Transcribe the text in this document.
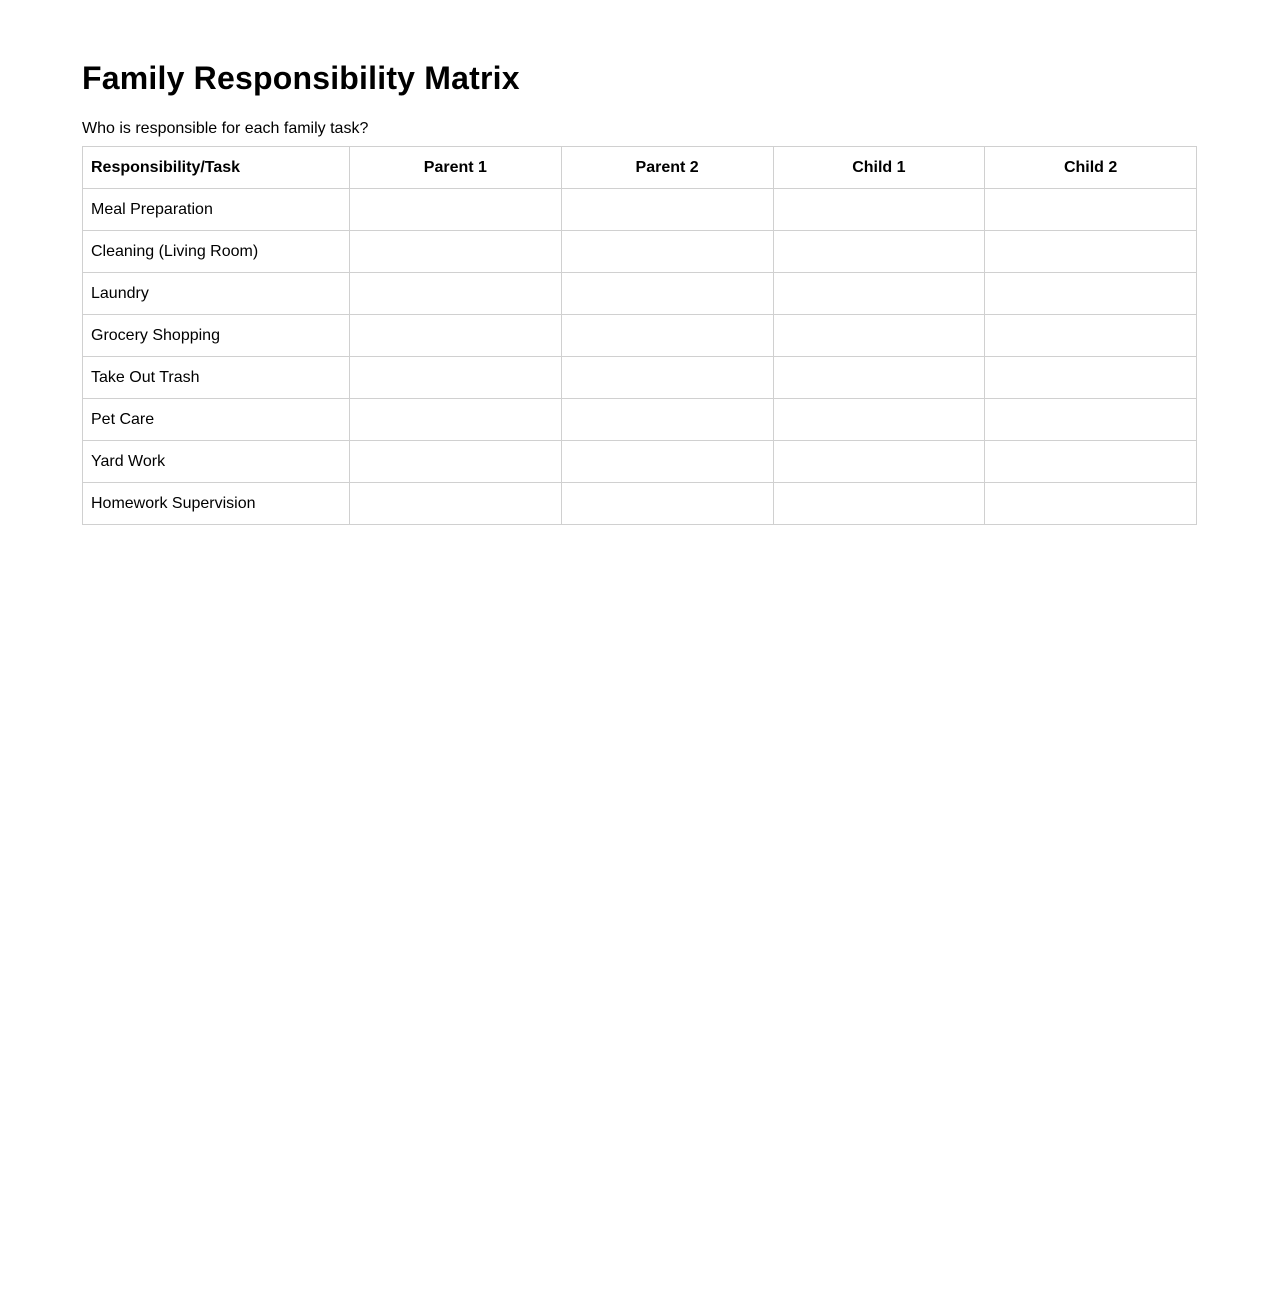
Family Responsibility Matrix

Who is responsible for each family task?

Responsibility/Task	Parent 1	Parent 2	Child 1	Child 2
Meal Preparation				
Cleaning (Living Room)				
Laundry				
Grocery Shopping				
Take Out Trash				
Pet Care				
Yard Work				
Homework Supervision				
